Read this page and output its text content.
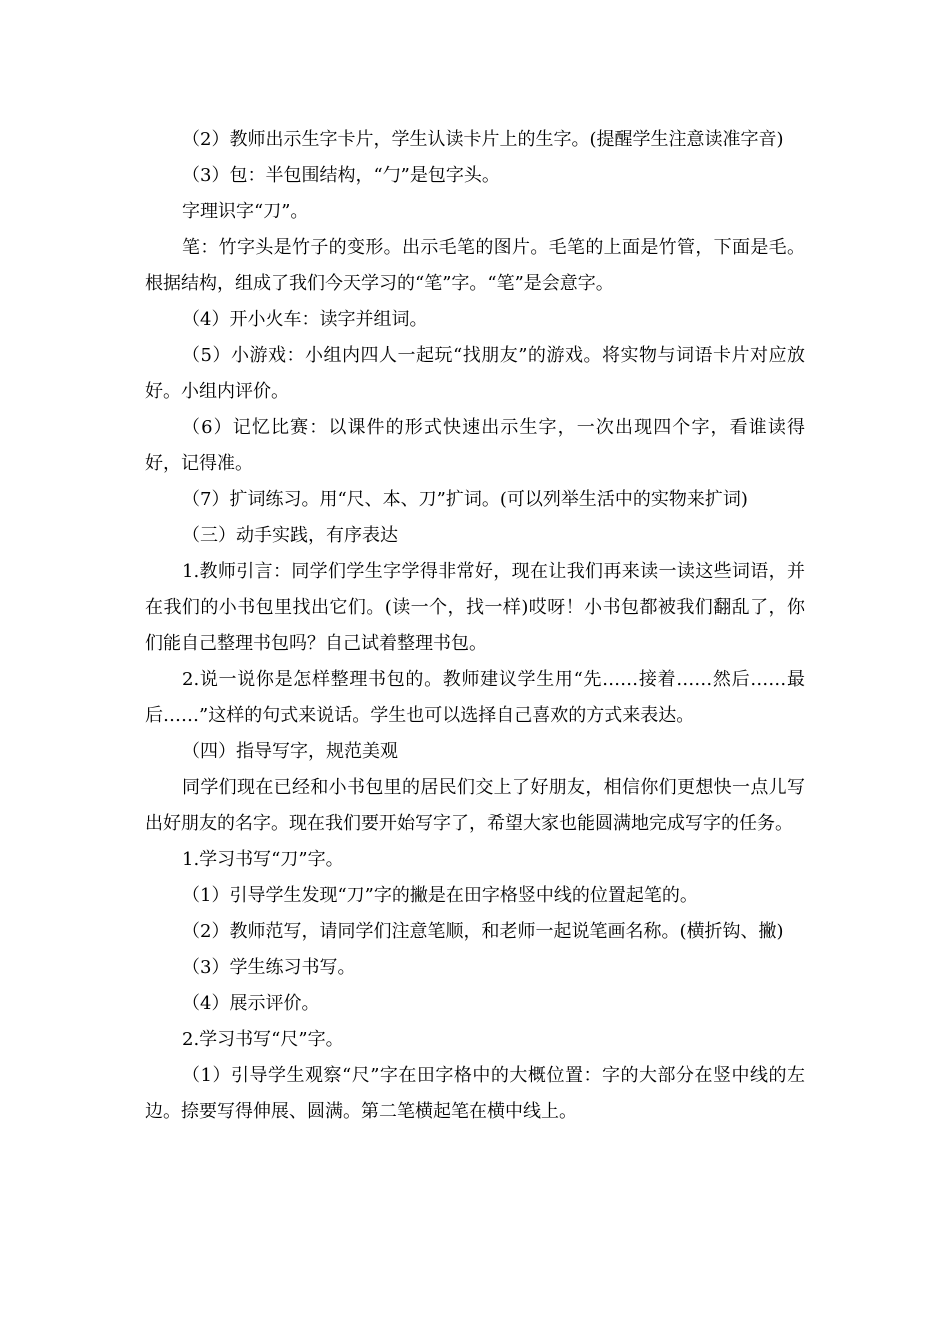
（2）教师出示生字卡片，学生认读卡片上的生字。(提醒学生注意读准字音)

（3）包：半包围结构，“勹”是包字头。

字理识字“刀”。

笔：竹字头是竹子的变形。出示毛笔的图片。毛笔的上面是竹管，下面是毛。根据结构，组成了我们今天学习的“笔”字。“笔”是会意字。

（4）开小火车：读字并组词。

（5）小游戏：小组内四人一起玩“找朋友”的游戏。将实物与词语卡片对应放好。小组内评价。

（6）记忆比赛：以课件的形式快速出示生字，一次出现四个字，看谁读得好，记得准。

（7）扩词练习。用“尺、本、刀”扩词。(可以列举生活中的实物来扩词)

（三）动手实践，有序表达

1.教师引言：同学们学生字学得非常好，现在让我们再来读一读这些词语，并在我们的小书包里找出它们。(读一个，找一样)哎呀！小书包都被我们翻乱了，你们能自己整理书包吗？自己试着整理书包。

2.说一说你是怎样整理书包的。教师建议学生用“先……接着……然后……最后……”这样的句式来说话。学生也可以选择自己喜欢的方式来表达。

（四）指导写字，规范美观

同学们现在已经和小书包里的居民们交上了好朋友，相信你们更想快一点儿写出好朋友的名字。现在我们要开始写字了，希望大家也能圆满地完成写字的任务。

1.学习书写“刀”字。

（1）引导学生发现“刀”字的撇是在田字格竖中线的位置起笔的。

（2）教师范写，请同学们注意笔顺，和老师一起说笔画名称。(横折钩、撇)

（3）学生练习书写。

（4）展示评价。

2.学习书写“尺”字。

（1）引导学生观察“尺”字在田字格中的大概位置：字的大部分在竖中线的左边。捺要写得伸展、圆满。第二笔横起笔在横中线上。
